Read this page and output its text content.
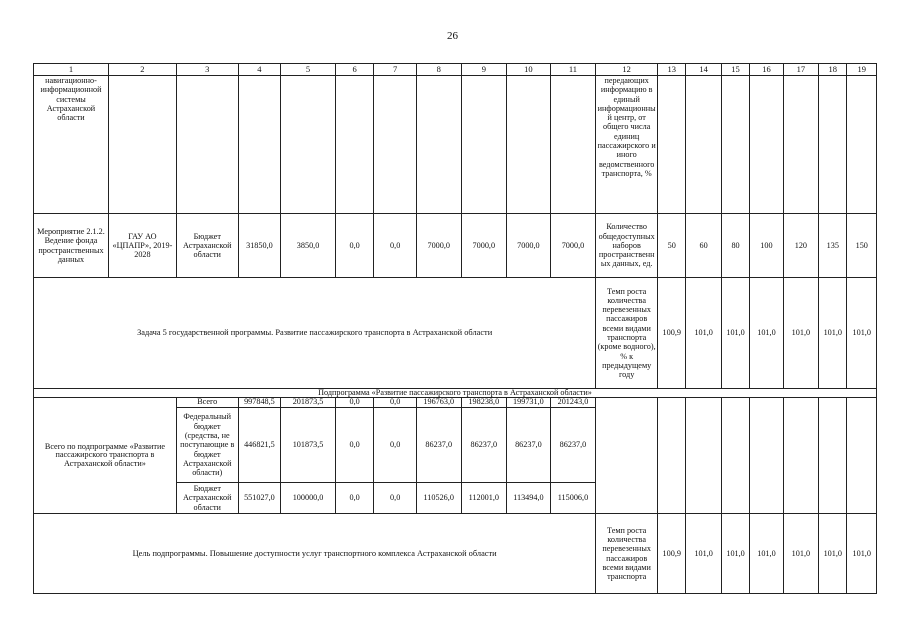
26
1	2	3	4	5	6	7	8	9	10	11	12	13	14	15	16	17	18	19
навигационно-информационной системы Астраханской области											передающих информацию в единый информационный центр, от общего числа единиц пассажирского и иного ведомственного транспорта, %							
Мероприятие 2.1.2. Ведение фонда пространственных данных	ГАУ АО «ЦПАПР», 2019-2028	Бюджет Астраханской области	31850,0	3850,0	0,0	0,0	7000,0	7000,0	7000,0	7000,0	Количество общедоступных наборов пространственных данных, ед.	50	60	80	100	120	135	150
Задача 5 государственной программы. Развитие пассажирского транспорта в Астраханской области											Темп роста количества перевезенных пассажиров всеми видами транспорта (кроме водного), % к предыдущему году	100,9	101,0	101,0	101,0	101,0	101,0	101,0
Подпрограмма «Развитие пассажирского транспорта в Астраханской области»																		
Всего по подпрограмме «Развитие пассажирского транспорта в Астраханской области»		Всего	997848,5	201873,5	0,0	0,0	196763,0	198238,0	199731,0	201243,0								
		Федеральный бюджет (средства, не поступающие в бюджет Астраханской области)	446821,5	101873,5	0,0	0,0	86237,0	86237,0	86237,0	86237,0								
		Бюджет Астраханской области	551027,0	100000,0	0,0	0,0	110526,0	112001,0	113494,0	115006,0								
Цель подпрограммы. Повышение доступности услуг транспортного комплекса Астраханской области											Темп роста количества перевезенных пассажиров всеми видами транспорта	100,9	101,0	101,0	101,0	101,0	101,0	101,0
